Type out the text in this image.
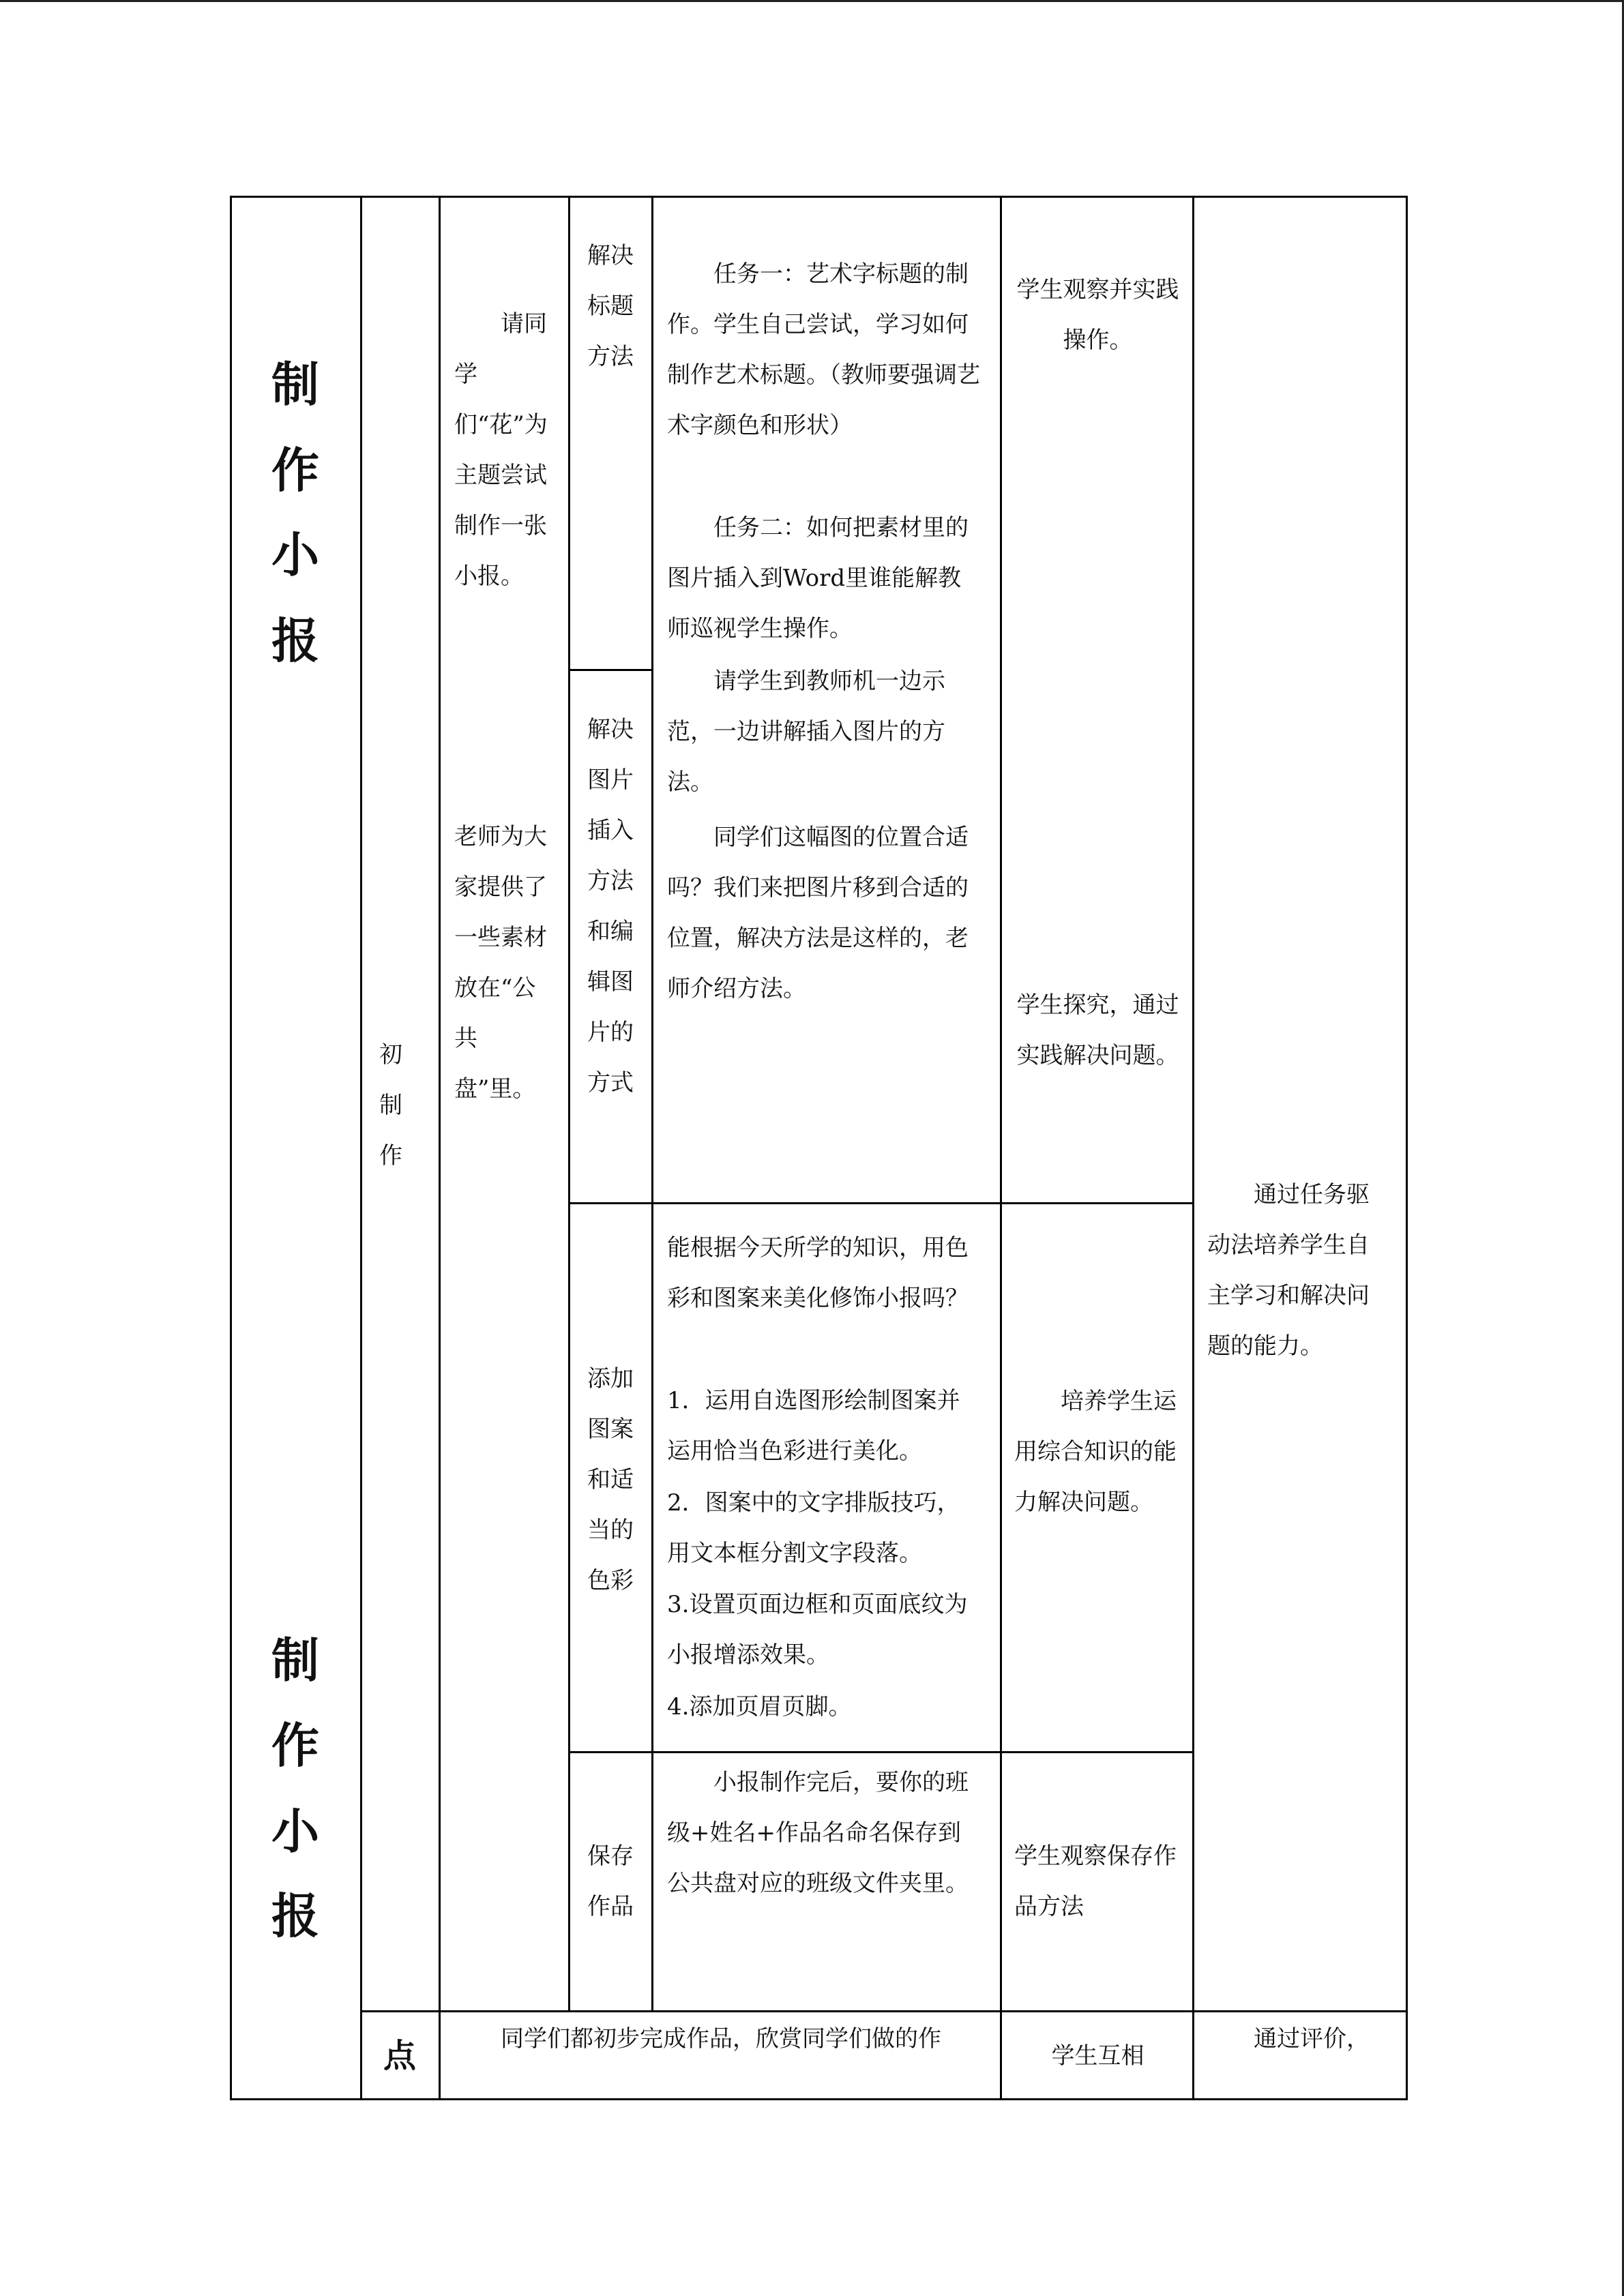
制
作
小
报
制
作
小
报
初制作
请同学们“花”为主题尝试制作一张小报。
老师为大家提供了一些素材放在“公共盘”里。
解决标题方法
解决图片插入方法和编辑图片的方式
添加图案和适当的色彩
保存作品
任务一：艺术字标题的制作。学生自己尝试，学习如何制作艺术标题。（教师要强调艺术字颜色和形状）
任务二：如何把素材里的图片插入到Word里谁能解教师巡视学生操作。
请学生到教师机一边示范，一边讲解插入图片的方法。
同学们这幅图的位置合适吗？我们来把图片移到合适的位置，解决方法是这样的，老师介绍方法。
能根据今天所学的知识，用色彩和图案来美化修饰小报吗？
1．运用自选图形绘制图案并运用恰当色彩进行美化。
2．图案中的文字排版技巧，用文本框分割文字段落。
3.设置页面边框和页面底纹为小报增添效果。
4.添加页眉页脚。
小报制作完后，要你的班级+姓名+作品名命名保存到公共盘对应的班级文件夹里。
学生观察并实践操作。
学生探究，通过实践解决问题。
培养学生运用综合知识的能力解决问题。
学生观察保存作品方法
通过任务驱动法培养学生自主学习和解决问题的能力。
点	同学们都初步完成作品，欣赏同学们做的作
学生互相
通过评价，
